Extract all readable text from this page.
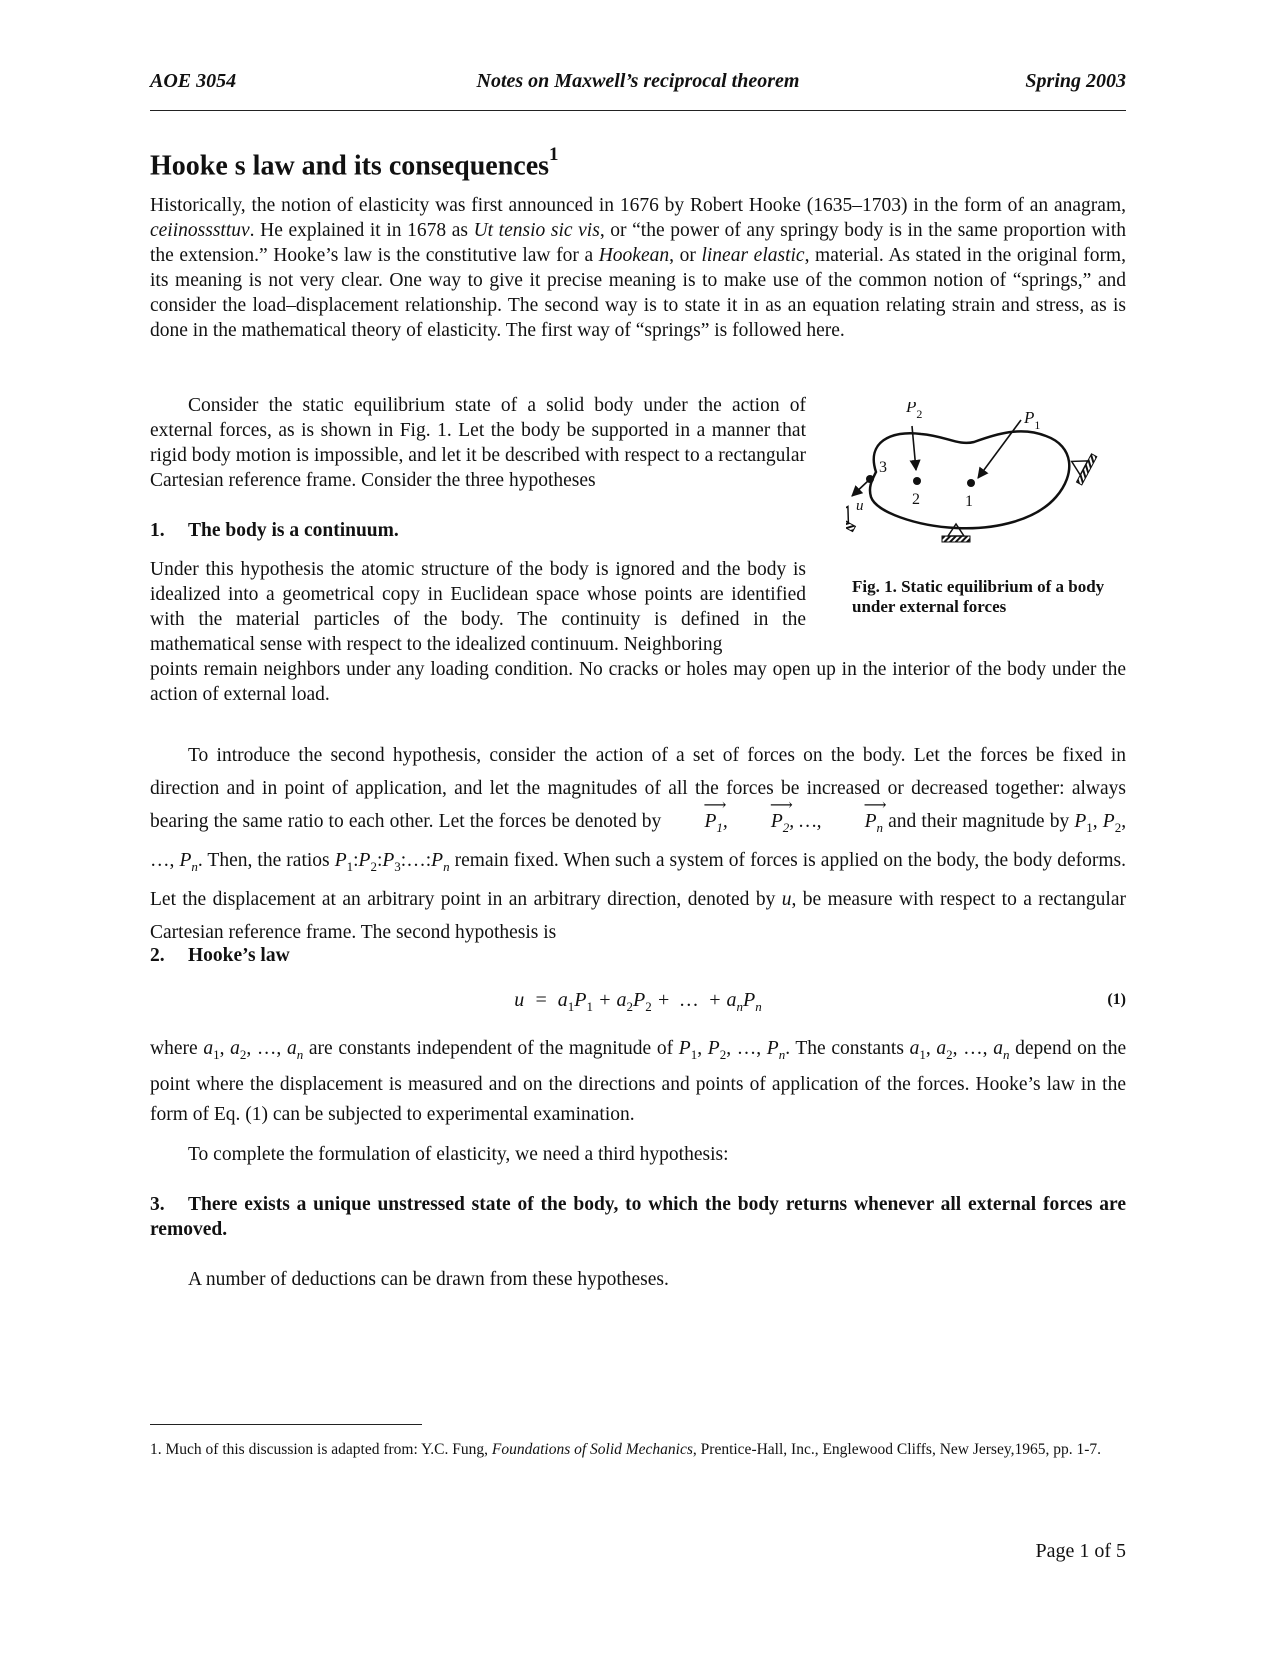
AOE 3054	Notes on Maxwell’s reciprocal theorem	Spring 2003
Hooke s law and its consequences$^1$

Historically, the notion of elasticity was first announced in 1676 by Robert Hooke (1635–1703) in the form of an anagram, ceiinosssttuv. He explained it in 1678 as Ut tensio sic vis, or “the power of any springy body is in the same proportion with the extension.” Hooke’s law is the constitutive law for a Hookean, or linear elastic, material. As stated in the original form, its meaning is not very clear. One way to give it precise meaning is to make use of the common notion of “springs,” and consider the load–displacement relationship. The second way is to state it in as an equation relating strain and stress, as is done in the mathematical theory of elasticity. The first way of “springs” is followed here.

Consider the static equilibrium state of a solid body under the action of external forces, as is shown in Fig. 1. Let the body be supported in a manner that rigid body motion is impossible, and let it be described with respect to a rectangular Cartesian reference frame. Consider the three hypotheses

1. The body is a continuum.

Under this hypothesis the atomic structure of the body is ignored and the body is idealized into a geometrical copy in Euclidean space whose points are identified with the material particles of the body. The continuity is defined in the mathematical sense with respect to the idealized continuum. Neighboring

points remain neighbors under any loading condition. No cracks or holes may open up in the interior of the body under the action of external load.

$P_2$	$P_1$
3
2	1
u

Fig. 1. Static equilibrium of a body under external forces

To introduce the second hypothesis, consider the action of a set of forces on the body. Let the forces be fixed in direction and in point of application, and let the magnitudes of all the forces be increased or decreased together: always bearing the same ratio to each other. Let the forces be denoted by ⟶ $P_1$, ⟶ $P_2$, …, ⟶ $P_n$ and their magnitude by $P_1$, $P_2$, …, $P_n$. Then, the ratios $P_1:P_2:P_3:\dots:P_n$ remain fixed. When such a system of forces is applied on the body, the body deforms. Let the displacement at an arbitrary point in an arbitrary direction, denoted by u, be measure with respect to a rectangular Cartesian reference frame. The second hypothesis is

2. Hooke’s law
$u = a_1P_1 + a_2P_2$ +  …  + $a_nP_n$	(1)

where $a_1$, $a_2$, …, $a_n$ are constants independent of the magnitude of $P_1$, $P_2$, …, $P_n$. The constants $a_1$, $a_2$, …, $a_n$ depend on the point where the displacement is measured and on the directions and points of application of the forces. Hooke’s law in the form of Eq. (1) can be subjected to experimental examination.

To complete the formulation of elasticity, we need a third hypothesis:

3. There exists a unique unstressed state of the body, to which the body returns whenever all external forces are removed.

A number of deductions can be drawn from these hypotheses.

1. Much of this discussion is adapted from: Y.C. Fung, Foundations of Solid Mechanics, Prentice-Hall, Inc., Englewood Cliffs, New Jersey,1965, pp. 1-7.

Page 1 of 5
